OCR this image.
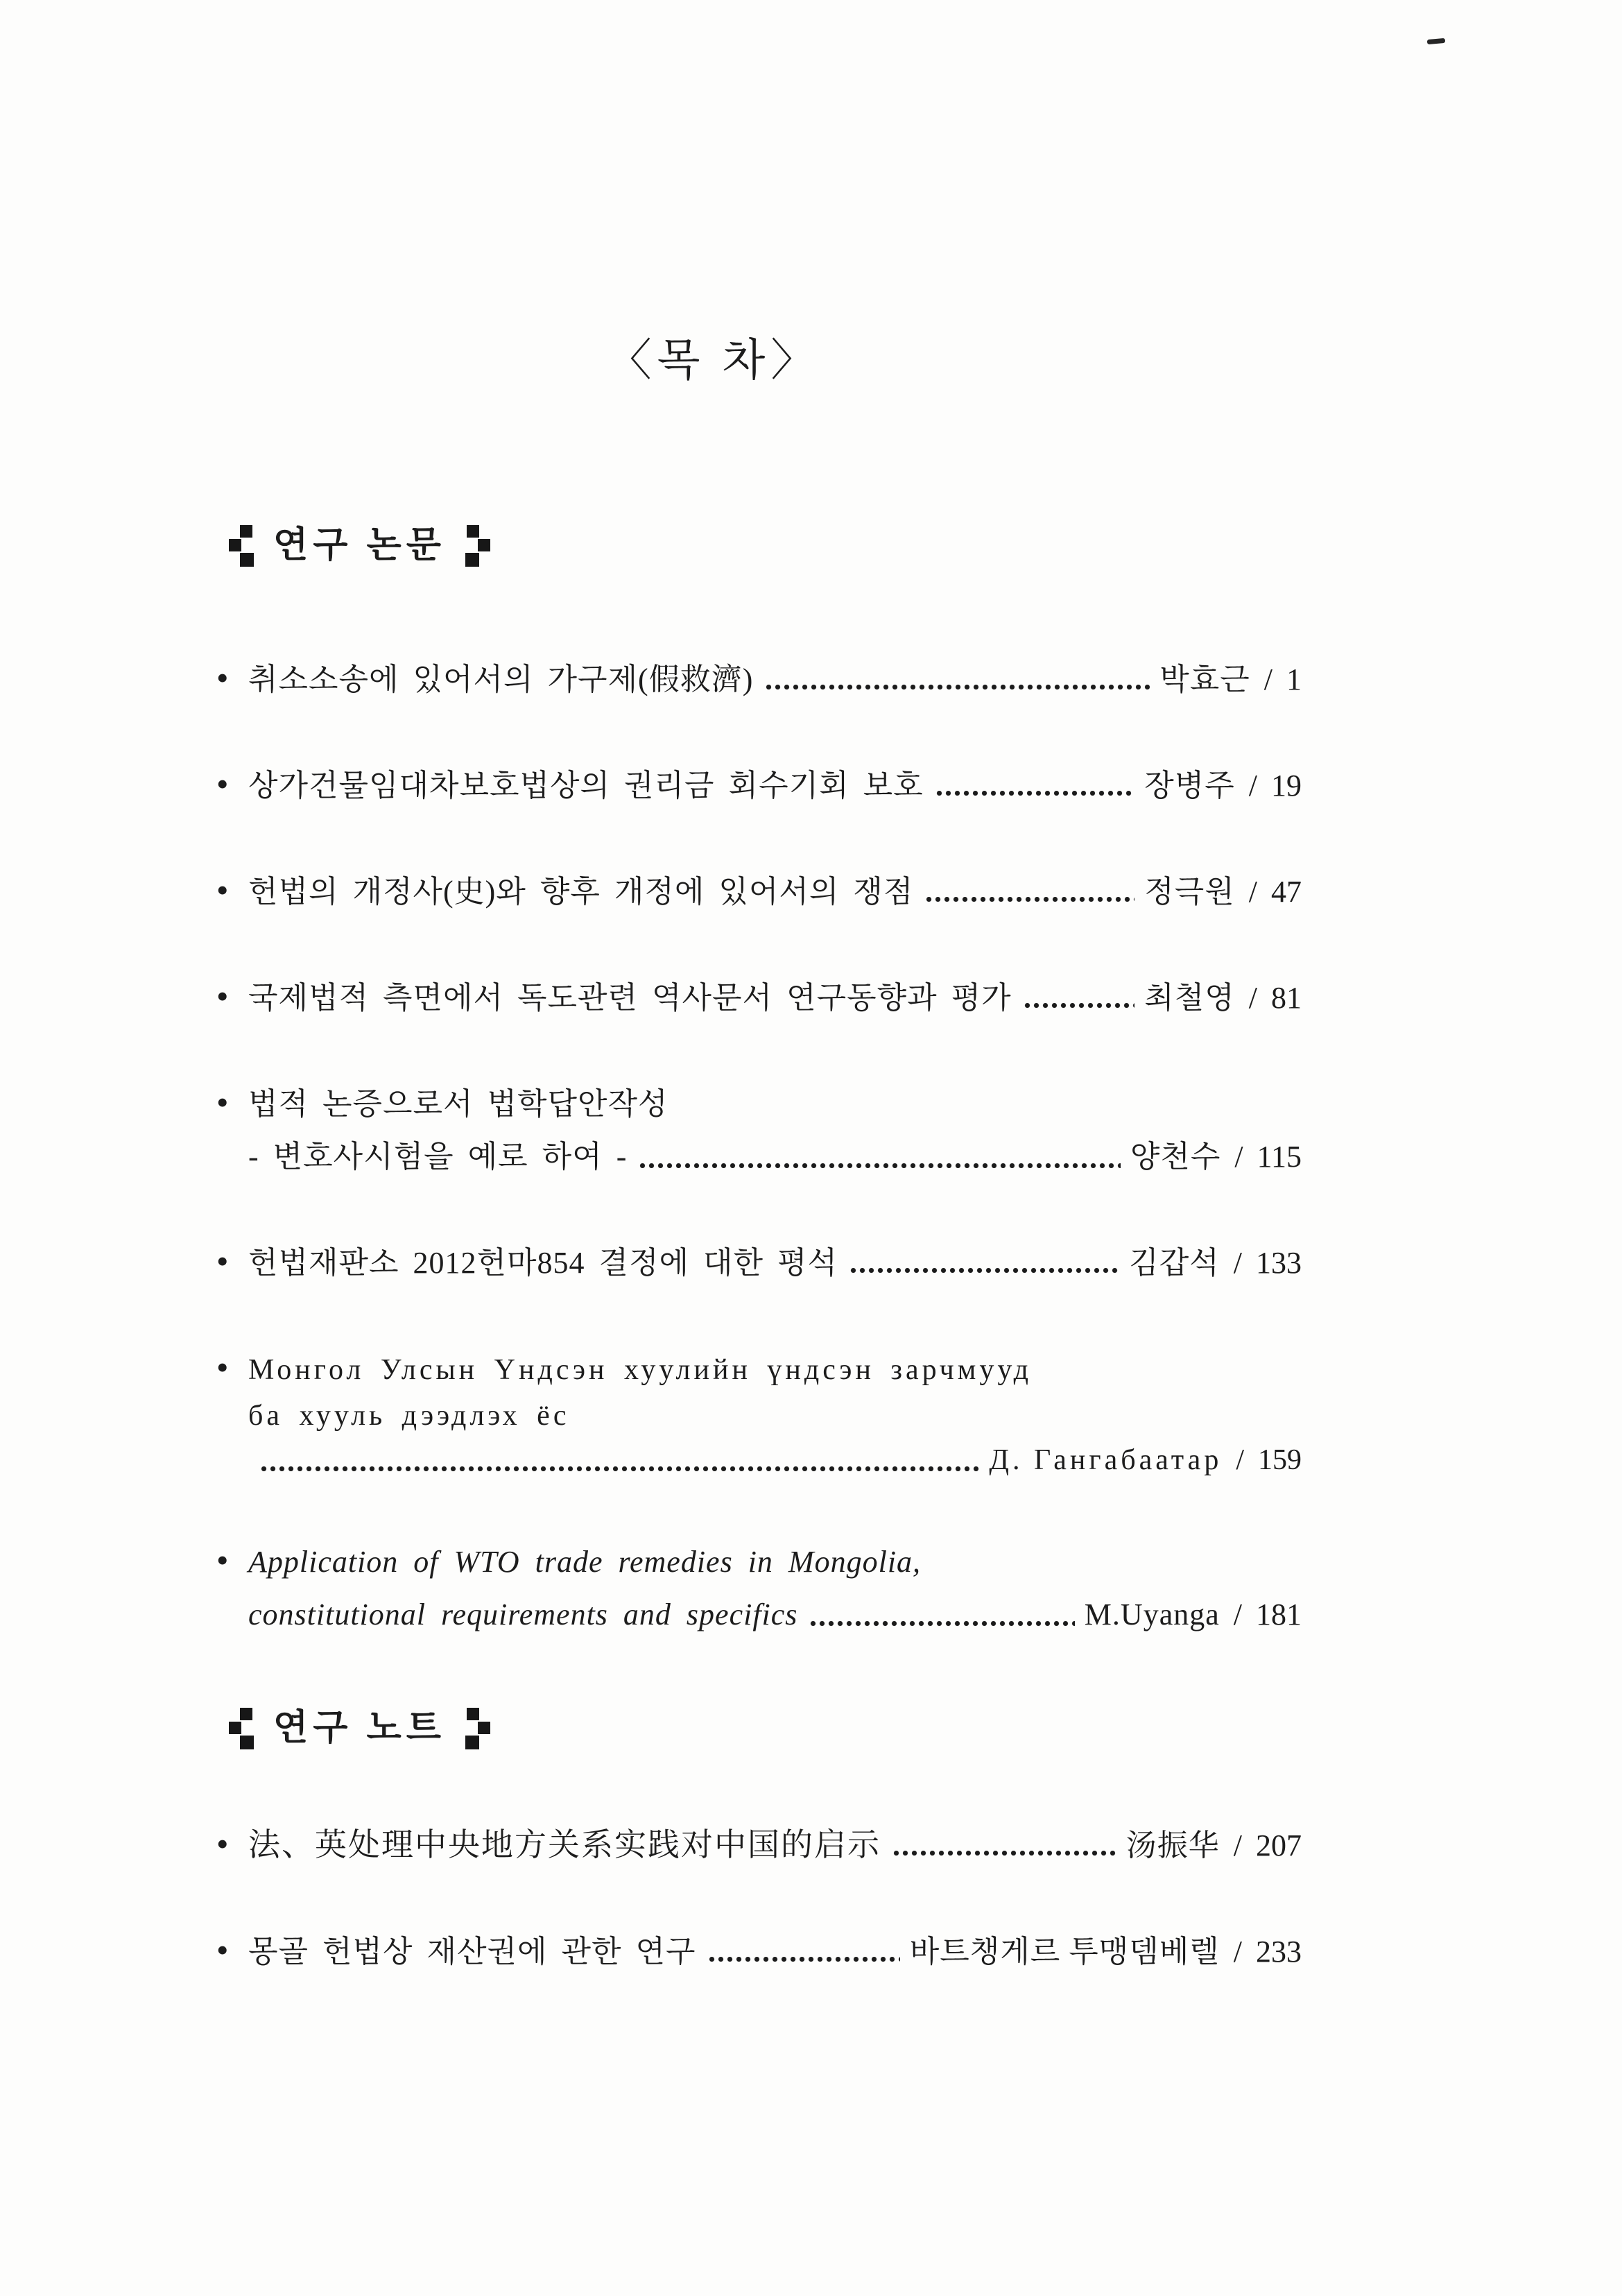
〈목 차〉
연구 논문
• 취소소송에 있어서의 가구제(假救濟)	박효근 / 1
• 상가건물임대차보호법상의 권리금 회수기회 보호	장병주 / 19
• 헌법의 개정사(史)와 향후 개정에 있어서의 쟁점	정극원 / 47
• 국제법적 측면에서 독도관련 역사문서 연구동향과 평가	최철영 / 81
• 법적 논증으로서 법학답안작성
- 변호사시험을 예로 하여 -	양천수 / 115
• 헌법재판소 2012헌마854 결정에 대한 평석	김갑석 / 133
• Монгол Улсын Үндсэн хуулийн үндсэн зарчмууд
ба хууль дээдлэх ёс
Д. Гангабаатар / 159
• Application of WTO trade remedies in Mongolia,
constitutional requirements and specifics	M.Uyanga / 181
연구 노트
• 法、英处理中央地方关系实践对中国的启示	汤振华 / 207
• 몽골 헌법상 재산권에 관한 연구	바트챙게르 투맹뎀베렐 / 233
